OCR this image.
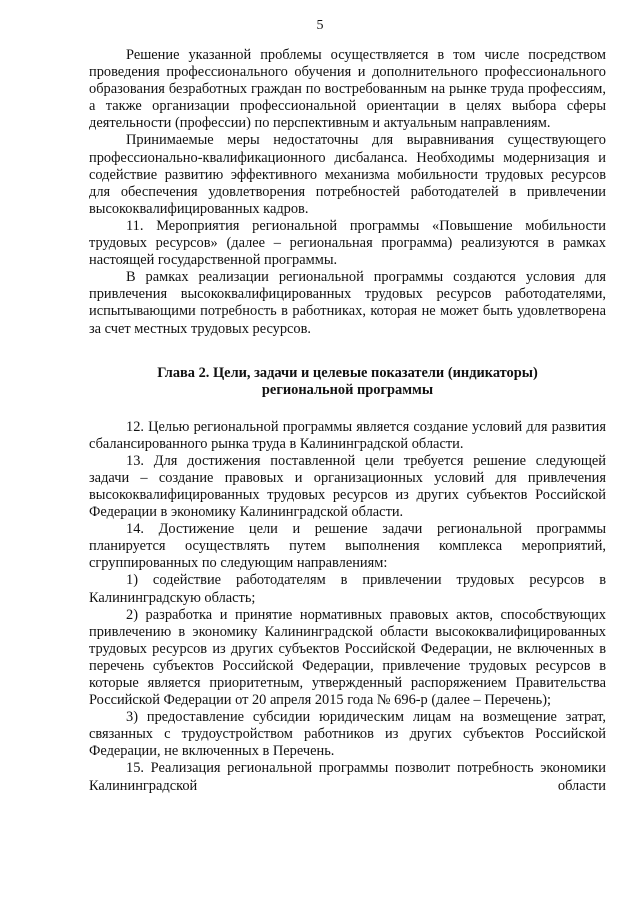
5

Решение указанной проблемы осуществляется в том числе посредством проведения профессионального обучения и дополнительного профессионального образования безработных граждан по востребованным на рынке труда профессиям, а также организации профессиональной ориентации в целях выбора сферы деятельности (профессии) по перспективным и актуальным направлениям.

Принимаемые меры недостаточны для выравнивания существующего профессионально-квалификационного дисбаланса. Необходимы модернизация и содействие развитию эффективного механизма мобильности трудовых ресурсов для обеспечения удовлетворения потребностей работодателей в привлечении высококвалифицированных кадров.

11. Мероприятия региональной программы «Повышение мобильности трудовых ресурсов» (далее – региональная программа) реализуются в рамках настоящей государственной программы.

В рамках реализации региональной программы создаются условия для привлечения высококвалифицированных трудовых ресурсов работодателями, испытывающими потребность в работниках, которая не может быть удовлетворена за счет местных трудовых ресурсов.

Глава 2. Цели, задачи и целевые показатели (индикаторы)
региональной программы

12. Целью региональной программы является создание условий для развития сбалансированного рынка труда в Калининградской области.

13. Для достижения поставленной цели требуется решение следующей задачи – создание правовых и организационных условий для привлечения высококвалифицированных трудовых ресурсов из других субъектов Российской Федерации в экономику Калининградской области.

14. Достижение цели и решение задачи региональной программы планируется осуществлять путем выполнения комплекса мероприятий, сгруппированных по следующим направлениям:

1) содействие работодателям в привлечении трудовых ресурсов в Калининградскую область;

2) разработка и принятие нормативных правовых актов, способствующих привлечению в экономику Калининградской области высококвалифицированных трудовых ресурсов из других субъектов Российской Федерации, не включенных в перечень субъектов Российской Федерации, привлечение трудовых ресурсов в которые является приоритетным, утвержденный распоряжением Правительства Российской Федерации от 20 апреля 2015 года № 696-р (далее – Перечень);

3) предоставление субсидии юридическим лицам на возмещение затрат, связанных с трудоустройством работников из других субъектов Российской Федерации, не включенных в Перечень.

15. Реализация региональной программы позволит потребность экономики Калининградской области
